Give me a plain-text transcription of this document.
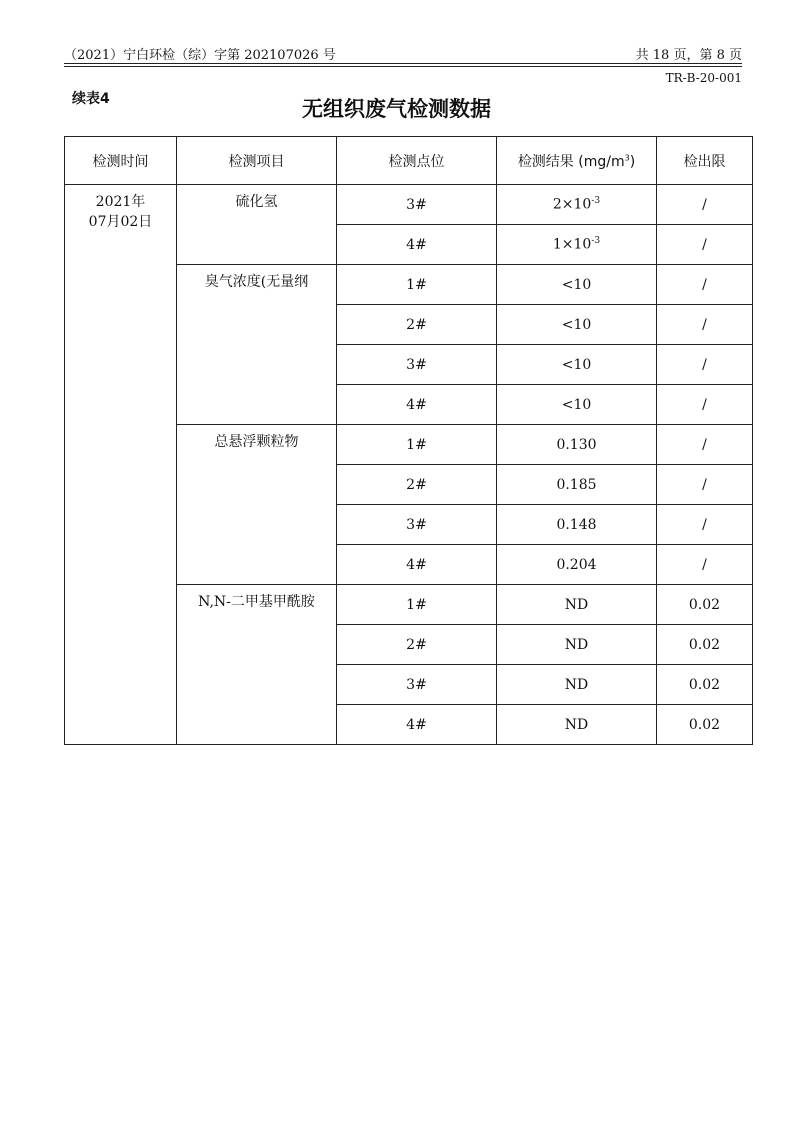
（2021）宁白环检（综）字第 202107026 号	共 18 页，第 8 页
TR-B-20-001
续表4	无组织废气检测数据
检测时间	检测项目	检测点位	检测结果 $(mg/m^3)$	检出限

2021年
07月02日	硫化氢	3#	$2\times 10^{-3}$	/
		4#	$1\times 10^{-3}$	/
	臭气浓度(无量纲	1#	<10	/
		2#	<10	/
		3#	<10	/
		4#	<10	/
	总悬浮颗粒物	1#	0.130	/
		2#	0.185	/
		3#	0.148	/
		4#	0.204	/
	N,N-二甲基甲酰胺	1#	ND	0.02
		2#	ND	0.02
		3#	ND	0.02
		4#	ND	0.02
